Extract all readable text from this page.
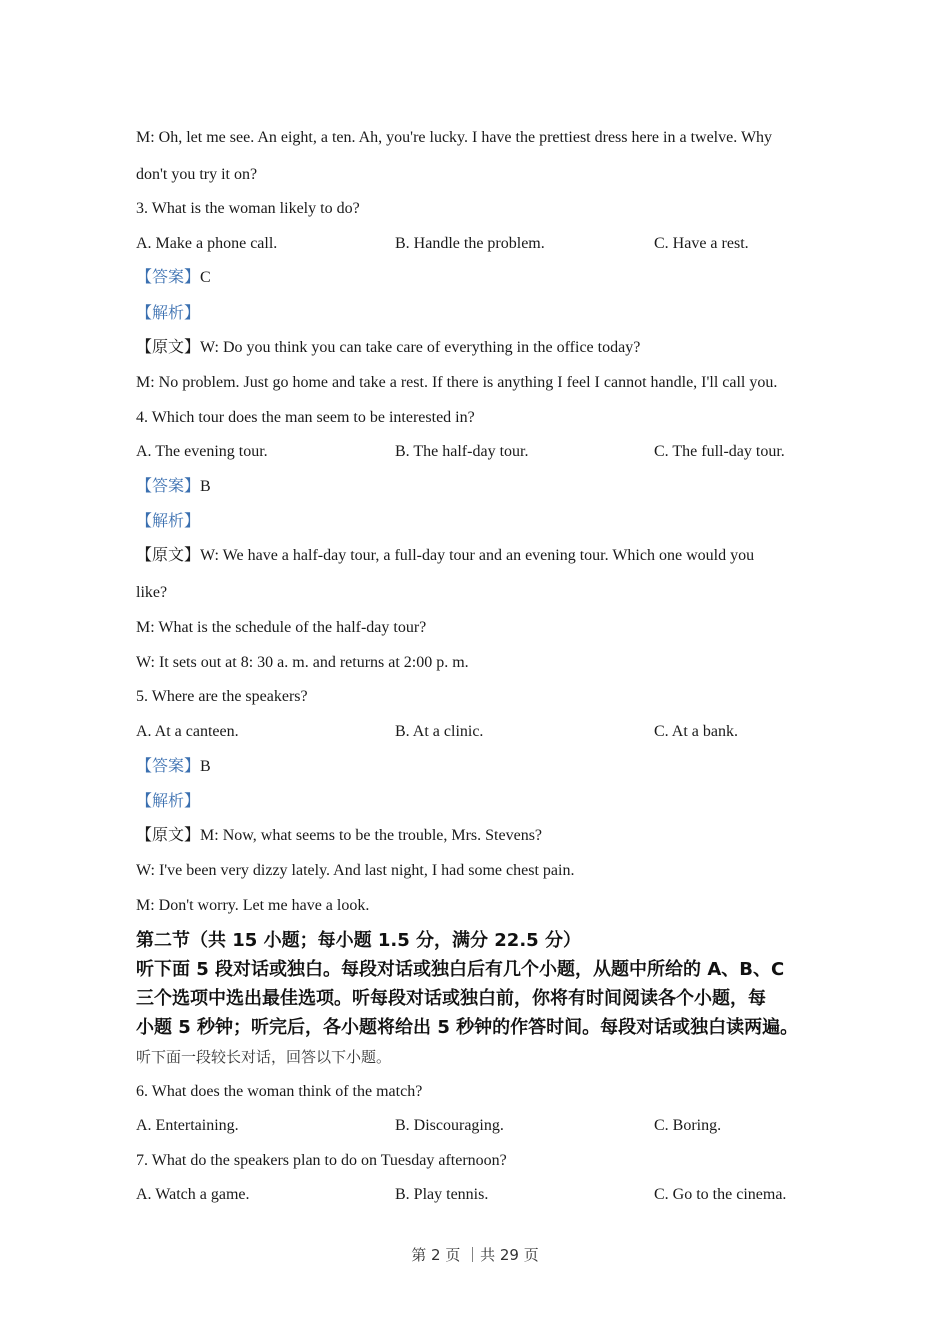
M: Oh, let me see. An eight, a ten. Ah, you're lucky. I have the prettiest dress here in a twelve. Why
don't you try it on?
3. What is the woman likely to do?
A. Make a phone call.	B. Handle the problem.	C. Have a rest.
【答案】C
【解析】
【原文】W: Do you think you can take care of everything in the office today?
M: No problem. Just go home and take a rest. If there is anything I feel I cannot handle, I'll call you.
4. Which tour does the man seem to be interested in?
A. The evening tour.	B. The half-day tour.	C. The full-day tour.
【答案】B
【解析】
【原文】W: We have a half-day tour, a full-day tour and an evening tour. Which one would you
like?
M: What is the schedule of the half-day tour?
W: It sets out at 8: 30 a. m. and returns at 2:00 p. m.
5. Where are the speakers?
A. At a canteen.	B. At a clinic.	C. At a bank.
【答案】B
【解析】
【原文】M: Now, what seems to be the trouble, Mrs. Stevens?
W: I've been very dizzy lately. And last night, I had some chest pain.
M: Don't worry. Let me have a look.
第二节（共 15 小题；每小题 1.5 分，满分 22.5 分）
听下面 5 段对话或独白。每段对话或独白后有几个小题，从题中所给的 A、B、C
三个选项中选出最佳选项。听每段对话或独白前，你将有时间阅读各个小题，每
小题 5 秒钟；听完后，各小题将给出 5 秒钟的作答时间。每段对话或独白读两遍。
听下面一段较长对话，回答以下小题。
6. What does the woman think of the match?
A. Entertaining.	B. Discouraging.	C. Boring.
7. What do the speakers plan to do on Tuesday afternoon?
A. Watch a game.	B. Play tennis.	C. Go to the cinema.
第 2 页 ｜共 29 页
